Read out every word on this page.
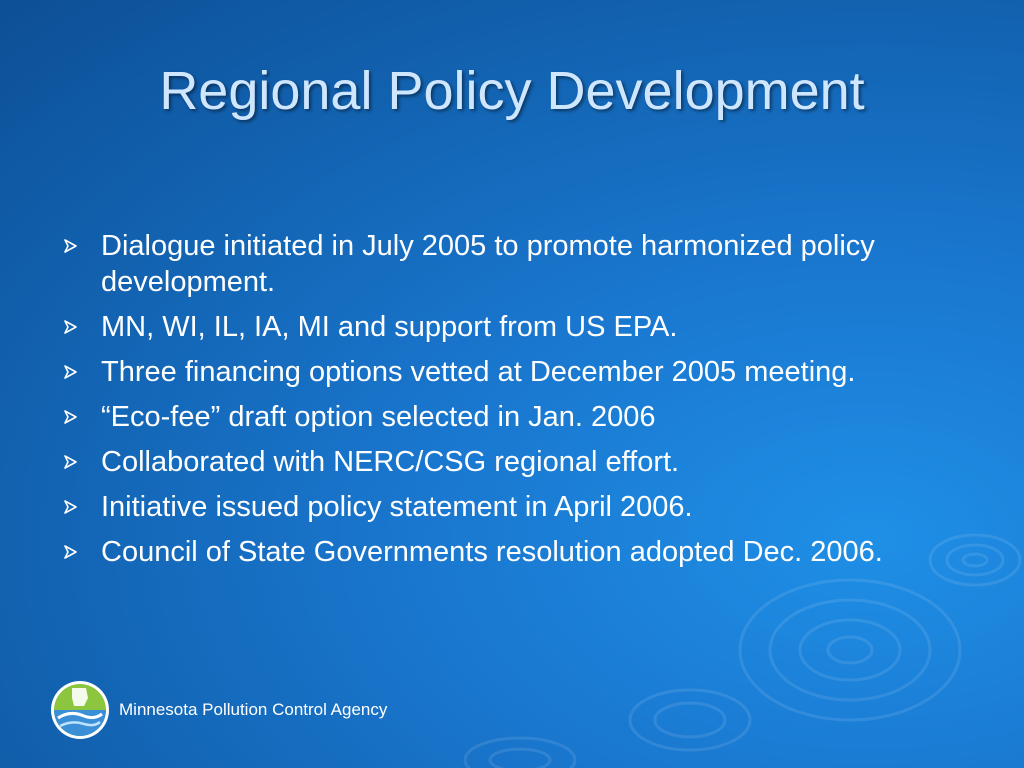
Regional Policy Development
Dialogue initiated in July 2005 to promote harmonized policy development.
MN, WI, IL, IA, MI and support from US EPA.
Three financing options vetted at December 2005 meeting.
“Eco-fee” draft option selected in Jan. 2006
Collaborated with NERC/CSG regional effort.
Initiative issued policy statement in April 2006.
Council of State Governments resolution adopted Dec. 2006.
Minnesota Pollution Control Agency
